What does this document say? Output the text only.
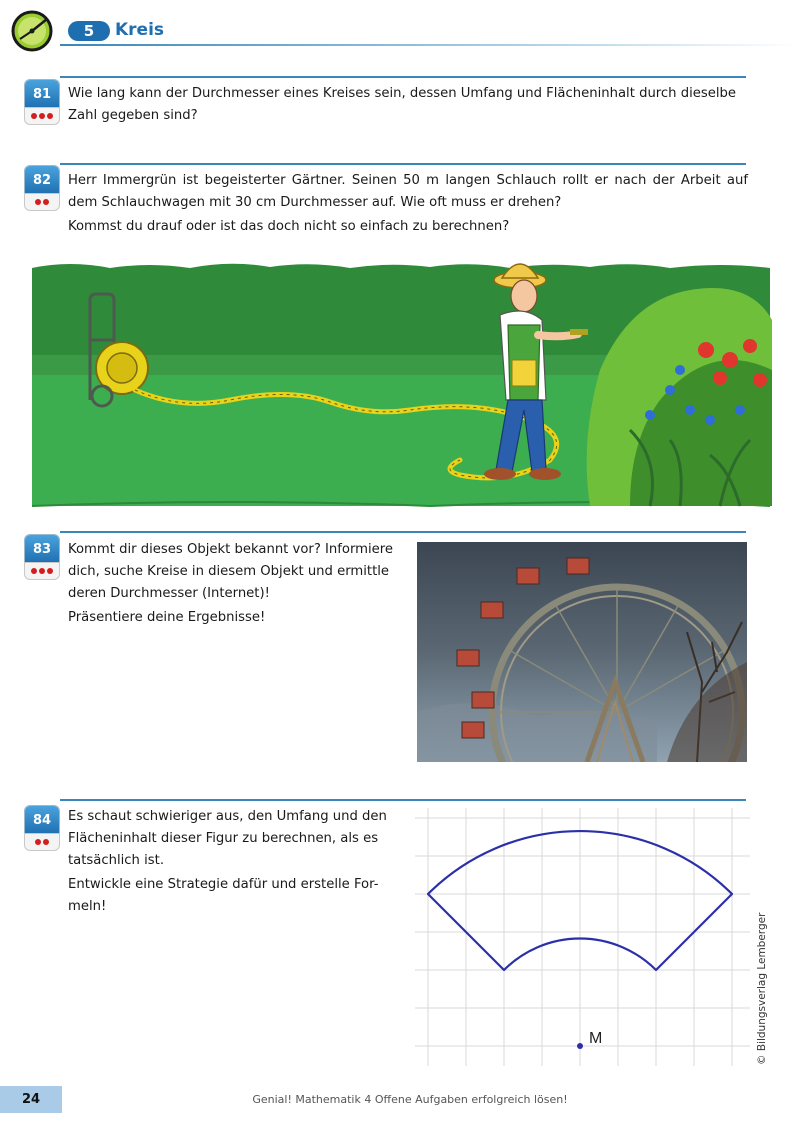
5	Kreis
81	Wie lang kann der Durchmesser eines Kreises sein, dessen Umfang und Flächeninhalt durch dieselbe Zahl gegeben sind?

82	Herr Immergrün ist begeisterter Gärtner. Seinen 50 m langen Schlauch rollt er nach der Arbeit auf dem Schlauchwagen mit 30 cm Durchmesser auf. Wie oft muss er drehen?

Kommst du drauf oder ist das doch nicht so einfach zu berechnen?

83	Kommt dir dieses Objekt bekannt vor? Informiere dich, suche Kreise in diesem Objekt und ermittle deren Durchmesser (Internet)!

Präsentiere deine Ergebnisse!

84	Es schaut schwieriger aus, den Umfang und den Flächeninhalt dieser Figur zu berechnen, als es tatsächlich ist.

Entwickle eine Strategie dafür und erstelle For-meln!

M	© Bildungsverlag Lemberger
24	Genial! Mathematik 4 Offene Aufgaben erfolgreich lösen!
